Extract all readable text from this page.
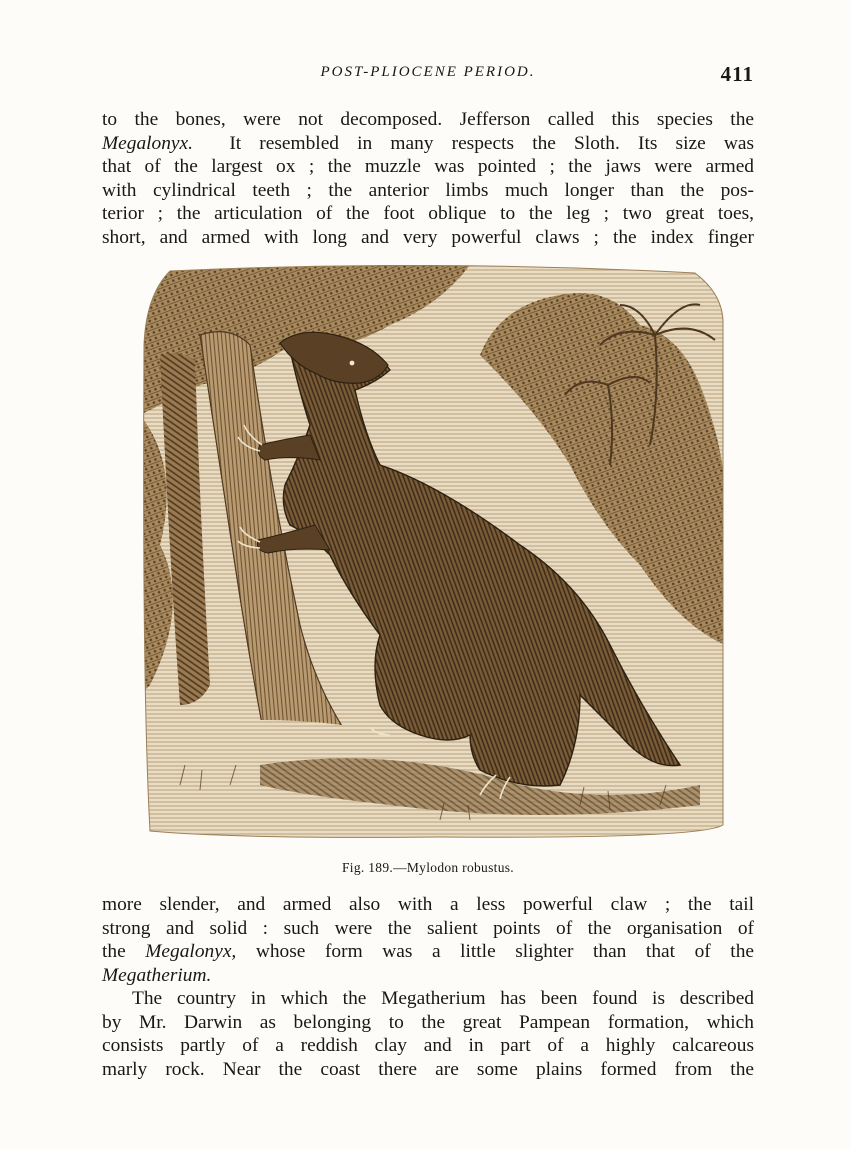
POST-PLIOCENE PERIOD.	411
to the bones, were not decomposed. Jefferson called this species the
Megalonyx. It resembled in many respects the Sloth. Its size was
that of the largest ox ; the muzzle was pointed ; the jaws were armed
with cylindrical teeth ; the anterior limbs much longer than the pos-
terior ; the articulation of the foot oblique to the leg ; two great toes,
short, and armed with long and very powerful claws ; the index finger
Fig. 189.—Mylodon robustus.
more slender, and armed also with a less powerful claw ; the tail
strong and solid : such were the salient points of the organisation of
the Megalonyx, whose form was a little slighter than that of the
Megatherium.
The country in which the Megatherium has been found is described
by Mr. Darwin as belonging to the great Pampean formation, which
consists partly of a reddish clay and in part of a highly calcareous
marly rock. Near the coast there are some plains formed from the
